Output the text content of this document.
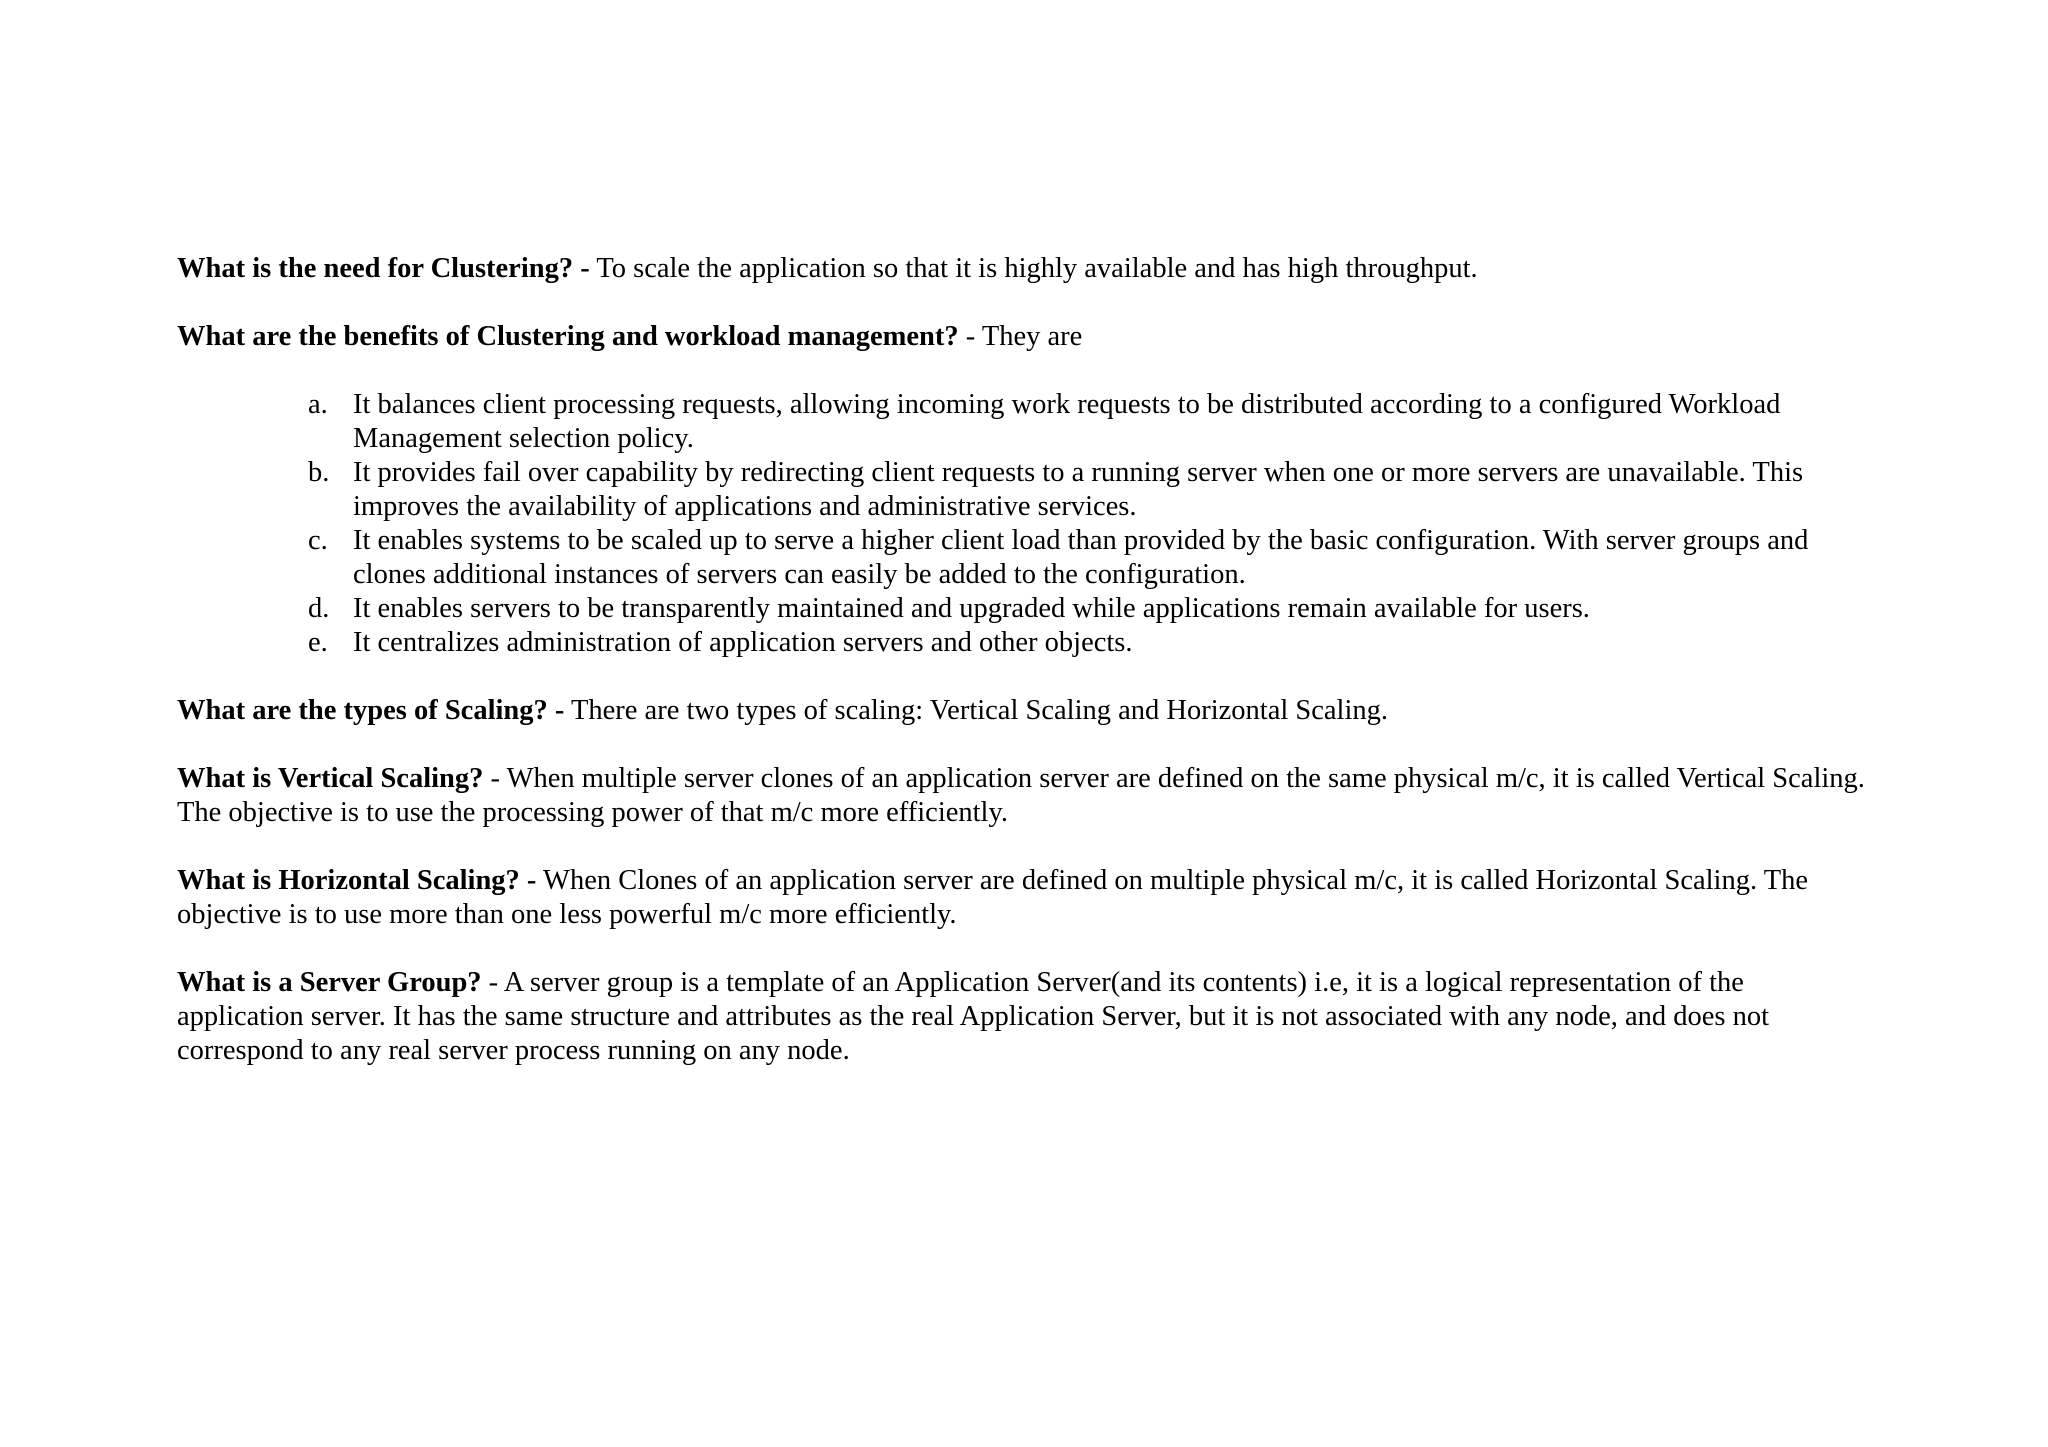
What is the need for Clustering? - To scale the application so that it is highly available and has high throughput.

What are the benefits of Clustering and workload management? - They are

a. It balances client processing requests, allowing incoming work requests to be distributed according to a configured Workload Management selection policy.
b. It provides fail over capability by redirecting client requests to a running server when one or more servers are unavailable. This improves the availability of applications and administrative services.
c. It enables systems to be scaled up to serve a higher client load than provided by the basic configuration. With server groups and clones additional instances of servers can easily be added to the configuration.
d. It enables servers to be transparently maintained and upgraded while applications remain available for users.
e. It centralizes administration of application servers and other objects.

What are the types of Scaling? - There are two types of scaling: Vertical Scaling and Horizontal Scaling.

What is Vertical Scaling? - When multiple server clones of an application server are defined on the same physical m/c, it is called Vertical Scaling. The objective is to use the processing power of that m/c more efficiently.

What is Horizontal Scaling? - When Clones of an application server are defined on multiple physical m/c, it is called Horizontal Scaling. The objective is to use more than one less powerful m/c more efficiently.

What is a Server Group? - A server group is a template of an Application Server(and its contents) i.e, it is a logical representation of the application server. It has the same structure and attributes as the real Application Server, but it is not associated with any node, and does not correspond to any real server process running on any node.
